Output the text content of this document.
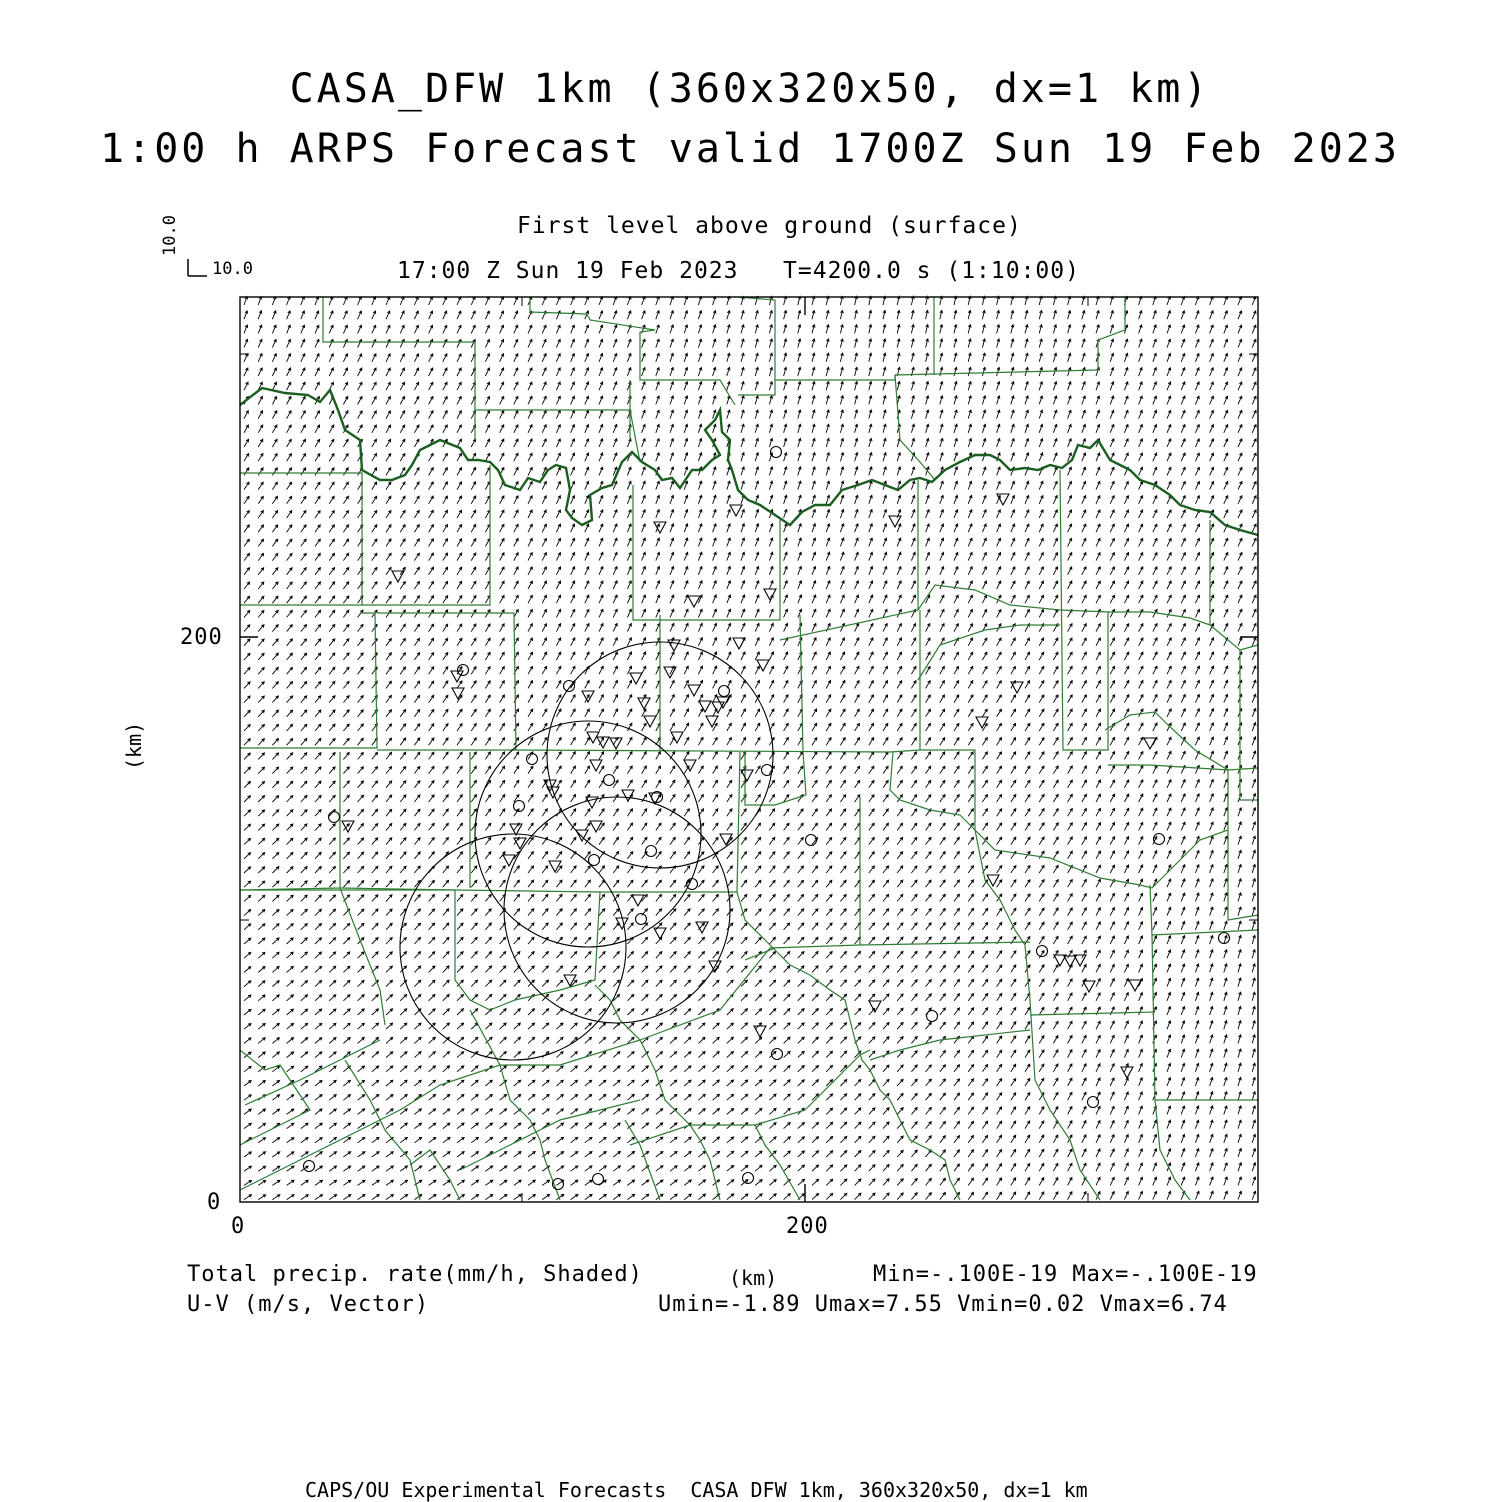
CASA_DFW 1km (360x320x50, dx=1 km)
1:00 h ARPS Forecast valid 1700Z Sun 19 Feb 2023
First level above ground (surface)
17:00 Z Sun 19 Feb 2023   T=4200.0 s (1:10:00)
10.0
10.0
200
0
0	200
(km)
(km)
Total precip. rate(mm/h, Shaded)
U-V (m/s, Vector)
Min=-.100E-19 Max=-.100E-19
Umin=-1.89 Umax=7.55 Vmin=0.02 Vmax=6.74
CAPS/OU Experimental Forecasts  CASA DFW 1km, 360x320x50, dx=1 km
